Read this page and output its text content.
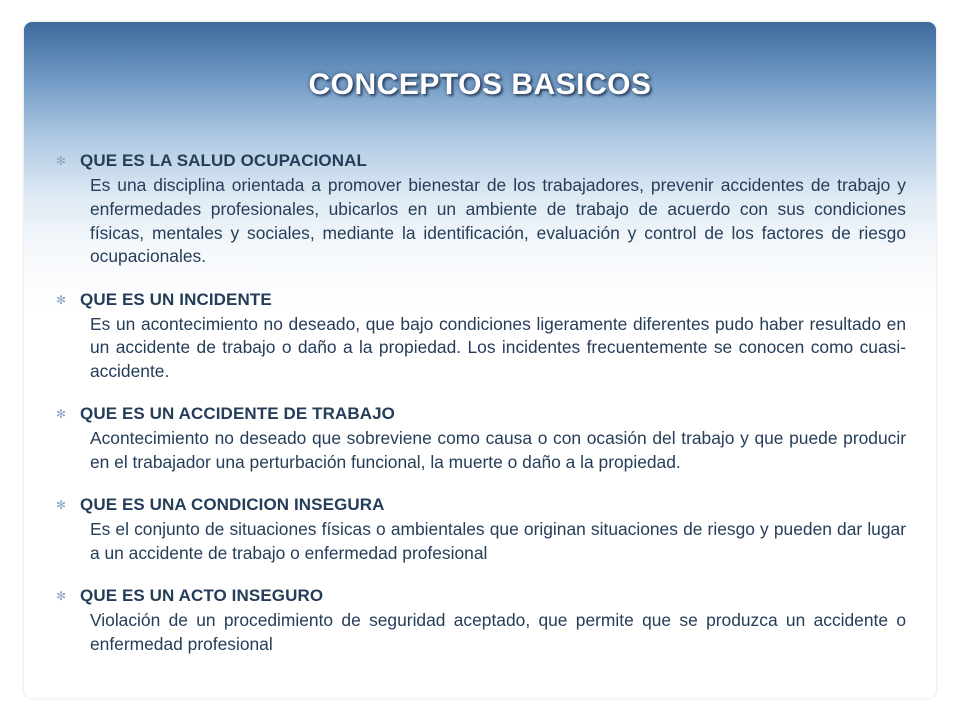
CONCEPTOS BASICOS
✻ QUE ES LA SALUD OCUPACIONAL

Es una disciplina orientada a promover bienestar de los trabajadores, prevenir accidentes de trabajo y enfermedades profesionales, ubicarlos en un ambiente de trabajo de acuerdo con sus condiciones físicas, mentales y sociales, mediante la identificación, evaluación y control de los factores de riesgo ocupacionales.

✻ QUE ES UN INCIDENTE

Es un acontecimiento no deseado, que bajo condiciones ligeramente diferentes pudo haber resultado en un accidente de trabajo o daño a la propiedad. Los incidentes frecuentemente se conocen como cuasi-accidente.

✻ QUE ES UN ACCIDENTE DE TRABAJO

Acontecimiento no deseado que sobreviene como causa o con ocasión del trabajo y que puede producir en el trabajador una perturbación funcional, la muerte o daño a la propiedad.

✻ QUE ES UNA CONDICION INSEGURA

Es el conjunto de situaciones físicas o ambientales que originan situaciones de riesgo y pueden dar lugar a un accidente de trabajo o enfermedad profesional

✻ QUE ES UN ACTO INSEGURO

Violación de un procedimiento de seguridad aceptado, que permite que se produzca un accidente o enfermedad profesional
